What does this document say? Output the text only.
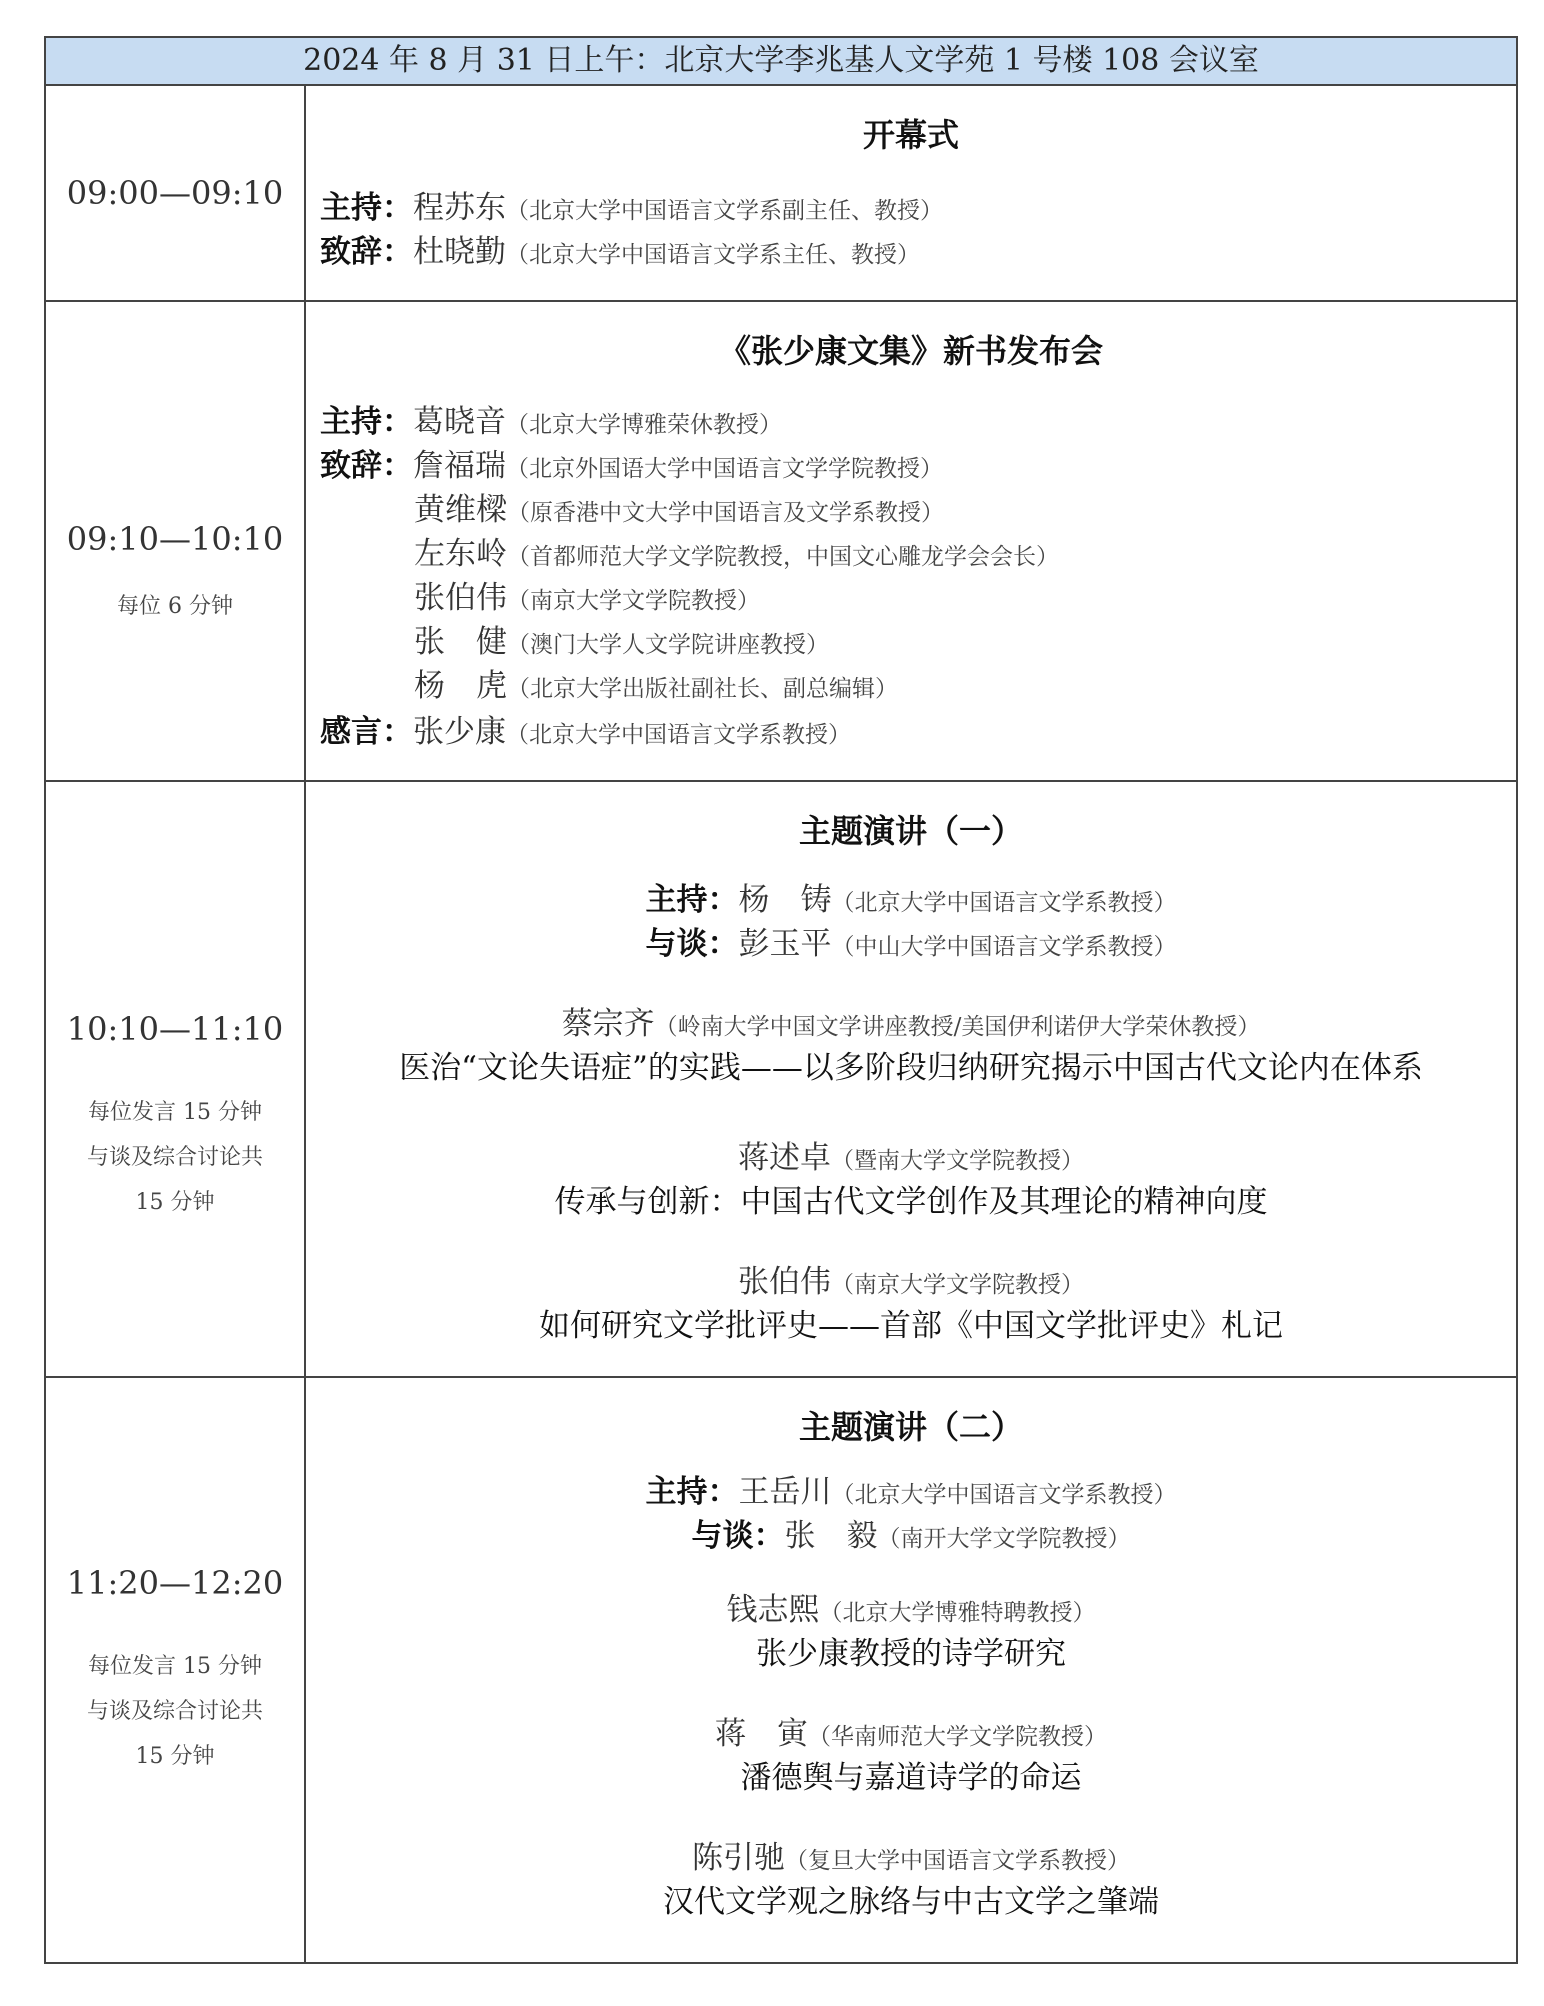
2024 年 8 月 31 日上午：北京大学李兆基人文学苑 1 号楼 108 会议室
09:00—09:10
开幕式
主持：程苏东（北京大学中国语言文学系副主任、教授）
致辞：杜晓勤（北京大学中国语言文学系主任、教授）
09:10—10:10
每位 6 分钟
《张少康文集》新书发布会
主持：葛晓音（北京大学博雅荣休教授）
致辞：詹福瑞（北京外国语大学中国语言文学学院教授）
黄维樑（原香港中文大学中国语言及文学系教授）
左东岭（首都师范大学文学院教授，中国文心雕龙学会会长）
张伯伟（南京大学文学院教授）
张　健（澳门大学人文学院讲座教授）
杨　虎（北京大学出版社副社长、副总编辑）
感言：张少康（北京大学中国语言文学系教授）
10:10—11:10
每位发言 15 分钟
与谈及综合讨论共
15 分钟
主题演讲（一）
主持：杨　铸（北京大学中国语言文学系教授）
与谈：彭玉平（中山大学中国语言文学系教授）
蔡宗齐（岭南大学中国文学讲座教授/美国伊利诺伊大学荣休教授）
医治“文论失语症”的实践——以多阶段归纳研究揭示中国古代文论内在体系
蒋述卓（暨南大学文学院教授）
传承与创新：中国古代文学创作及其理论的精神向度
张伯伟（南京大学文学院教授）
如何研究文学批评史——首部《中国文学批评史》札记
11:20—12:20
每位发言 15 分钟
与谈及综合讨论共
15 分钟
主题演讲（二）
主持：王岳川（北京大学中国语言文学系教授）
与谈：张　毅（南开大学文学院教授）
钱志熙（北京大学博雅特聘教授）
张少康教授的诗学研究
蒋　寅（华南师范大学文学院教授）
潘德舆与嘉道诗学的命运
陈引驰（复旦大学中国语言文学系教授）
汉代文学观之脉络与中古文学之肇端
